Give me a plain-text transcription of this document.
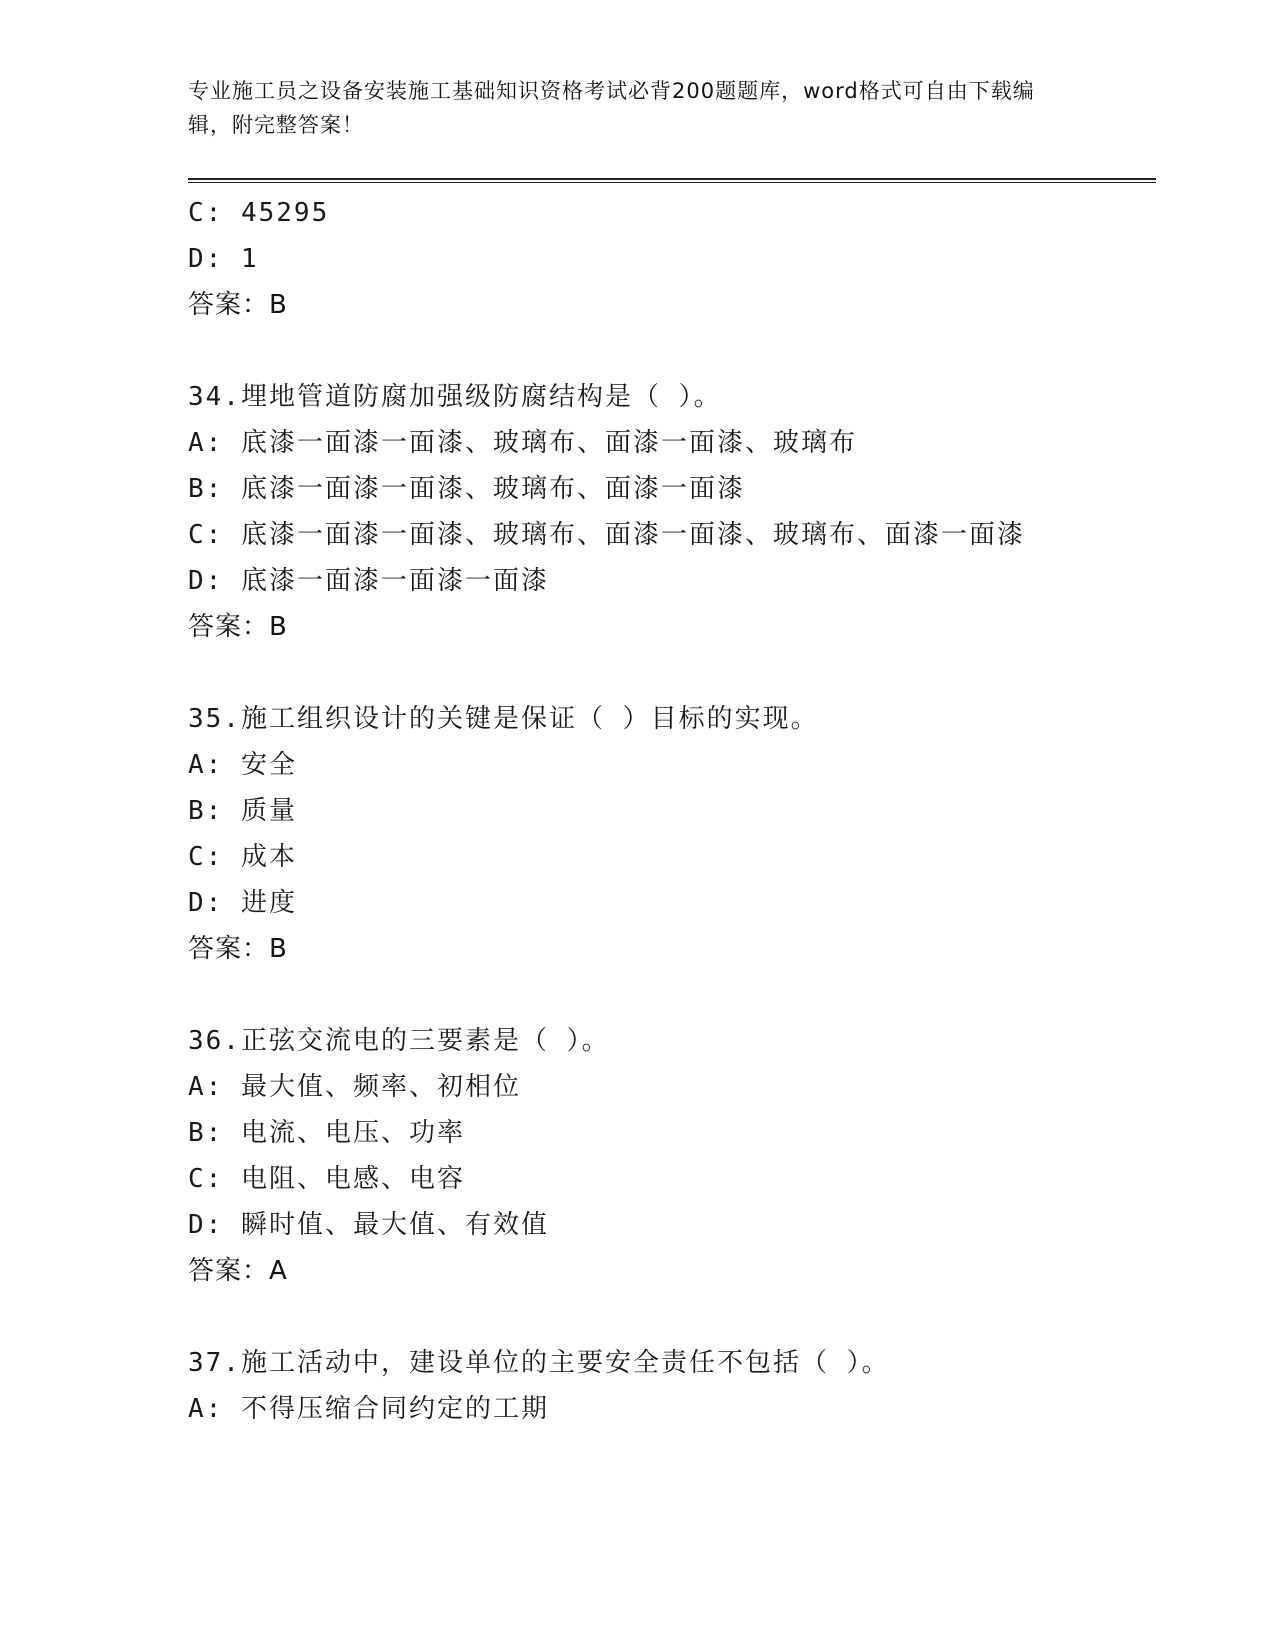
专业施工员之设备安装施工基础知识资格考试必背200题题库，word格式可自由下载编辑，附完整答案！
C: 45295
D: 1
答案：B
34.埋地管道防腐加强级防腐结构是（ ）。
A: 底漆一面漆一面漆、玻璃布、面漆一面漆、玻璃布
B: 底漆一面漆一面漆、玻璃布、面漆一面漆
C: 底漆一面漆一面漆、玻璃布、面漆一面漆、玻璃布、面漆一面漆
D: 底漆一面漆一面漆一面漆
答案：B
35.施工组织设计的关键是保证（ ）目标的实现。
A: 安全
B: 质量
C: 成本
D: 进度
答案：B
36.正弦交流电的三要素是（ ）。
A: 最大值、频率、初相位
B: 电流、电压、功率
C: 电阻、电感、电容
D: 瞬时值、最大值、有效值
答案：A
37.施工活动中，建设单位的主要安全责任不包括（ ）。
A: 不得压缩合同约定的工期
